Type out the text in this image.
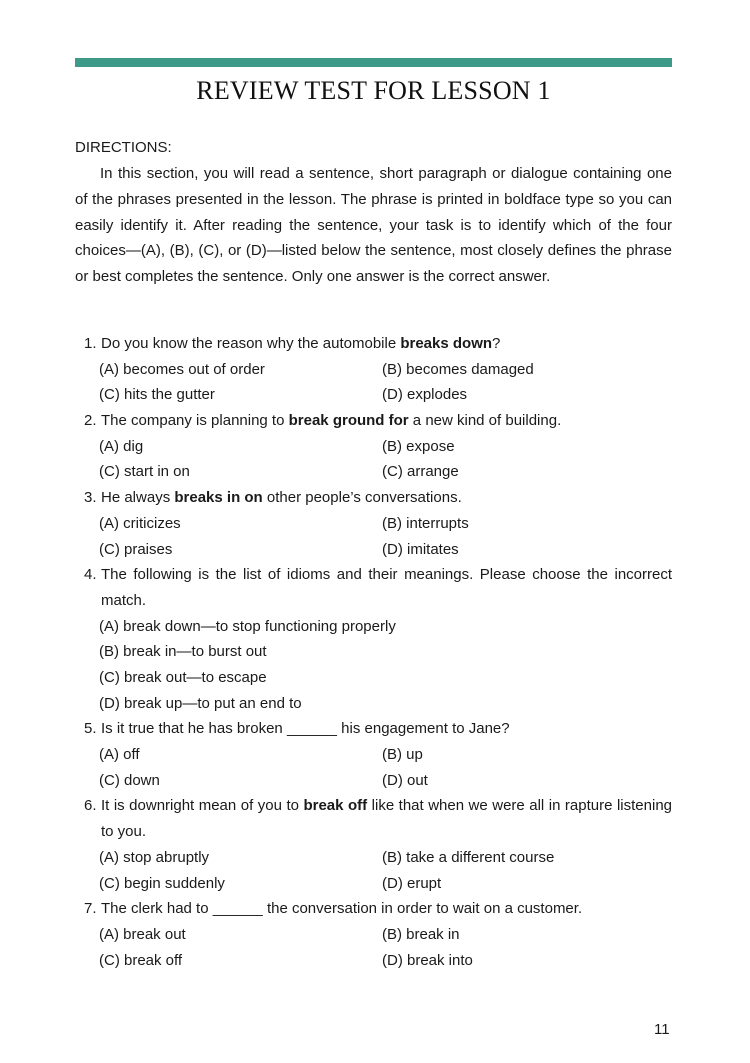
REVIEW TEST FOR LESSON 1
DIRECTIONS:
In this section, you will read a sentence, short paragraph or dialogue containing one of the phrases presented in the lesson. The phrase is printed in boldface type so you can easily identify it. After reading the sentence, your task is to identify which of the four choices—(A), (B), (C), or (D)—listed below the sentence, most closely defines the phrase or best completes the sentence. Only one answer is the correct answer.
1. Do you know the reason why the automobile breaks down?
(A) becomes out of order	(B) becomes damaged
(C) hits the gutter	(D) explodes
2. The company is planning to break ground for a new kind of building.
(A) dig	(B) expose
(C) start in on	(C) arrange
3. He always breaks in on other people’s conversations.
(A) criticizes	(B) interrupts
(C) praises	(D) imitates
4. The following is the list of idioms and their meanings. Please choose the incorrect match.
(A) break down—to stop functioning properly
(B) break in—to burst out
(C) break out—to escape
(D) break up—to put an end to
5. Is it true that he has broken ______ his engagement to Jane?
(A) off	(B) up
(C) down	(D) out
6. It is downright mean of you to break off like that when we were all in rapture listening to you.
(A) stop abruptly	(B) take a different course
(C) begin suddenly	(D) erupt
7. The clerk had to ______ the conversation in order to wait on a customer.
(A) break out	(B) break in
(C) break off	(D) break into
11
